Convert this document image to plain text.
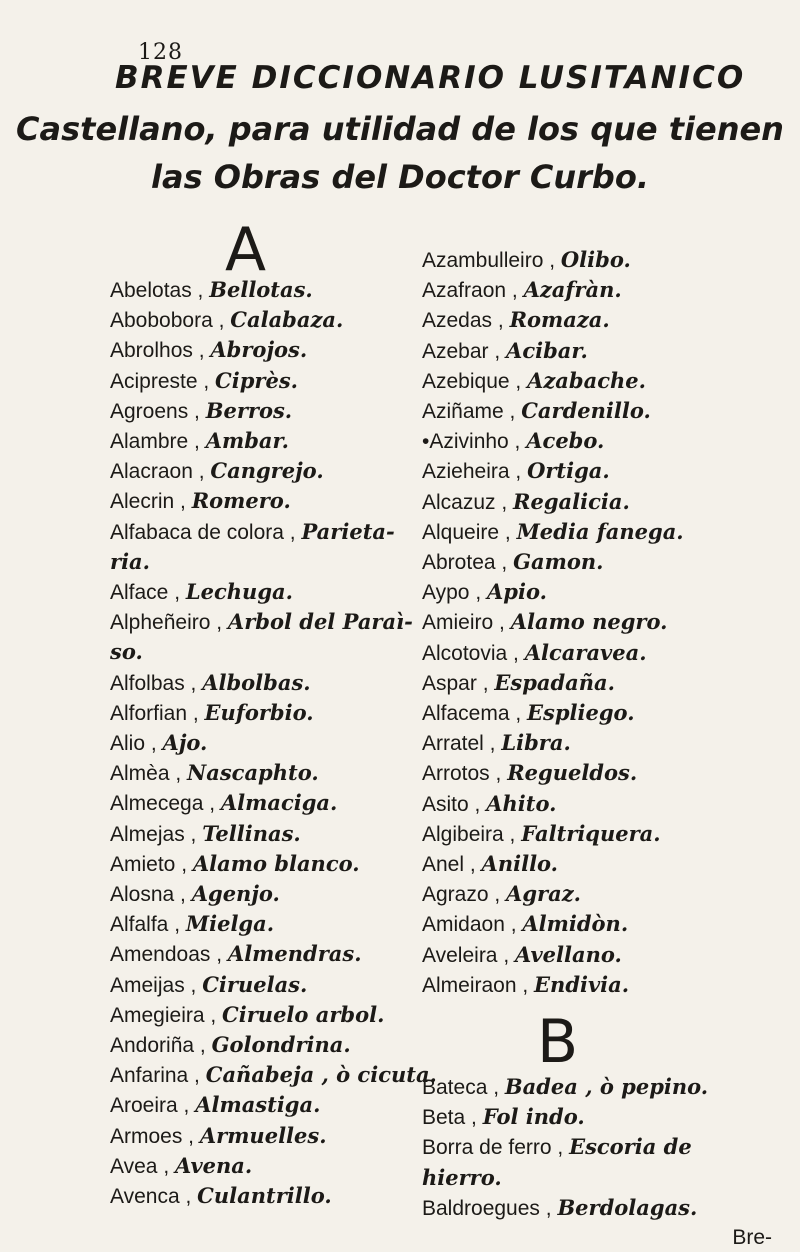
128
BREVE DICCIONARIO LUSITANICO
Castellano, para utilidad de los que tienen
las Obras del Doctor Curbo.
A
Abelotas , Bellotas.
Abobobora , Calabaza.
Abrolhos , Abrojos.
Acipreste , Ciprès.
Agroens , Berros.
Alambre , Ambar.
Alacraon , Cangrejo.
Alecrin , Romero.
Alfabaca de colora , Parieta-
ria.
Alface , Lechuga.
Alpheñeiro , Arbol del Paraì-
so.
Alfolbas , Albolbas.
Alforfian , Euforbio.
Alio , Ajo.
Almèa , Nascaphto.
Almecega , Almaciga.
Almejas , Tellinas.
Amieto , Alamo blanco.
Alosna , Agenjo.
Alfalfa , Mielga.
Amendoas , Almendras.
Ameijas , Ciruelas.
Amegieira , Ciruelo arbol.
Andoriña , Golondrina.
Anfarina , Cañabeja , ò cicuta.
Aroeira , Almastiga.
Armoes , Armuelles.
Avea , Avena.
Avenca , Culantrillo.
Azambulleiro , Olibo.
Azafraon , Azafràn.
Azedas , Romaza.
Azebar , Acibar.
Azebique , Azabache.
Aziñame , Cardenillo.
•Azivinho , Acebo.
Azieheira , Ortiga.
Alcazuz , Regalicia.
Alqueire , Media fanega.
Abrotea , Gamon.
Aypo , Apio.
Amieiro , Alamo negro.
Alcotovia , Alcaravea.
Aspar , Espadaña.
Alfacema , Espliego.
Arratel , Libra.
Arrotos , Regueldos.
Asito , Ahito.
Algibeira , Faltriquera.
Anel , Anillo.
Agrazo , Agraz.
Amidaon , Almidòn.
Aveleira , Avellano.
Almeiraon , Endivia.
B
Bateca , Badea , ò pepino.
Beta , Fol indo.
Borra de ferro , Escoria de
hierro.
Baldroegues , Berdolagas.
Bre-
